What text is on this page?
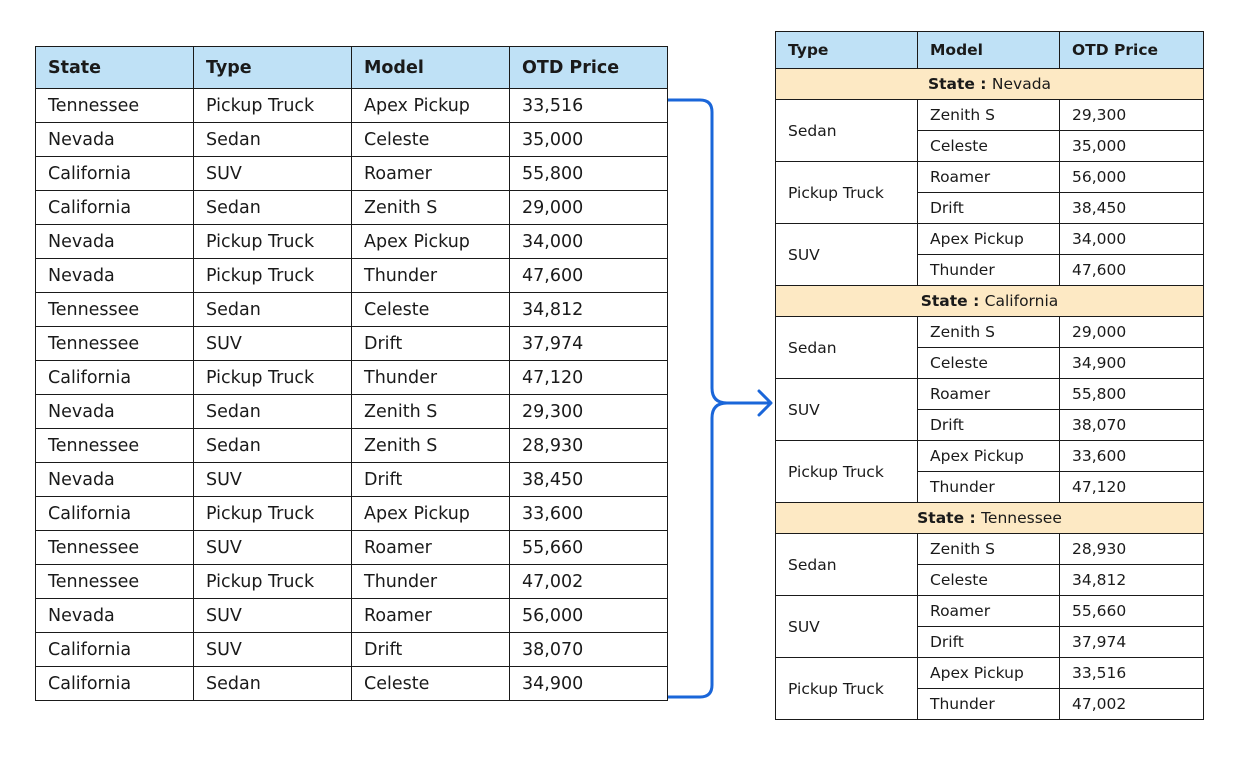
State	Type	Model	OTD Price
Tennessee	Pickup Truck	Apex Pickup	33,516
Nevada	Sedan	Celeste	35,000
California	SUV	Roamer	55,800
California	Sedan	Zenith S	29,000
Nevada	Pickup Truck	Apex Pickup	34,000
Nevada	Pickup Truck	Thunder	47,600
Tennessee	Sedan	Celeste	34,812
Tennessee	SUV	Drift	37,974
California	Pickup Truck	Thunder	47,120
Nevada	Sedan	Zenith S	29,300
Tennessee	Sedan	Zenith S	28,930
Nevada	SUV	Drift	38,450
California	Pickup Truck	Apex Pickup	33,600
Tennessee	SUV	Roamer	55,660
Tennessee	Pickup Truck	Thunder	47,002
Nevada	SUV	Roamer	56,000
California	SUV	Drift	38,070
California	Sedan	Celeste	34,900
Type	Model	OTD Price
State : Nevada		
Sedan	Zenith S	29,300
	Celeste	35,000
Pickup Truck	Roamer	56,000
	Drift	38,450
SUV	Apex Pickup	34,000
	Thunder	47,600
State : California		
Sedan	Zenith S	29,000
	Celeste	34,900
SUV	Roamer	55,800
	Drift	38,070
Pickup Truck	Apex Pickup	33,600
	Thunder	47,120
State : Tennessee		
Sedan	Zenith S	28,930
	Celeste	34,812
SUV	Roamer	55,660
	Drift	37,974
Pickup Truck	Apex Pickup	33,516
	Thunder	47,002
